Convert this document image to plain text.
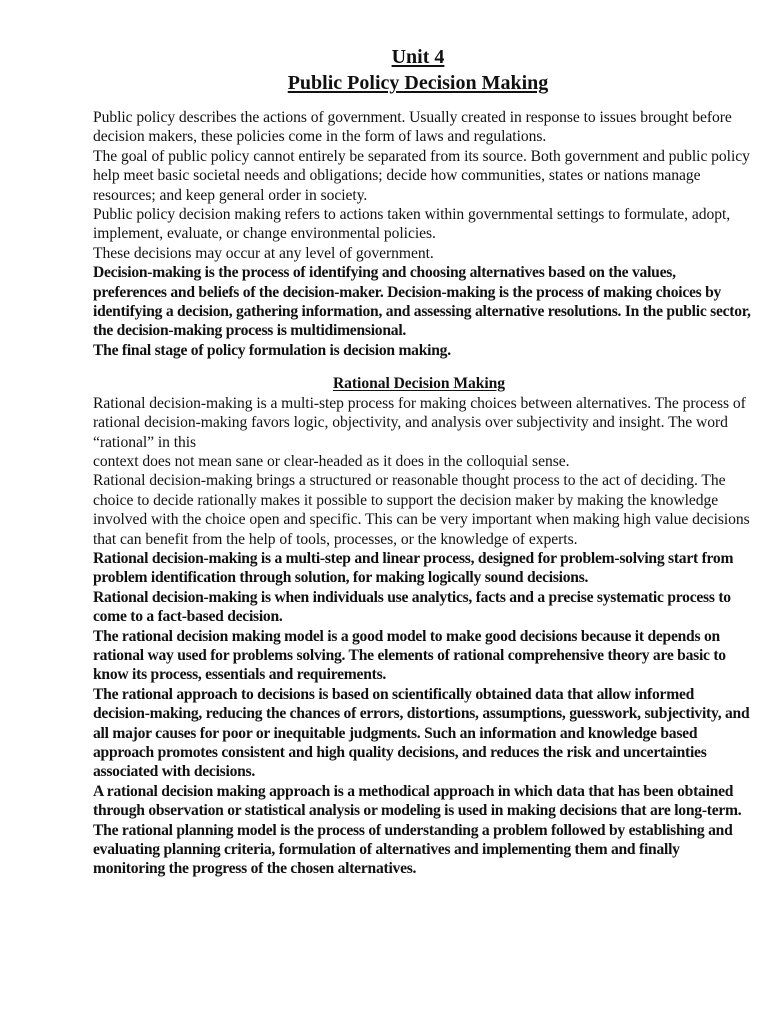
Unit 4
Public Policy Decision Making

Public policy describes the actions of government. Usually created in response to issues brought before decision makers, these policies come in the form of laws and regulations.

The goal of public policy cannot entirely be separated from its source. Both government and public policy help meet basic societal needs and obligations; decide how communities, states or nations manage resources; and keep general order in society.

Public policy decision making refers to actions taken within governmental settings to formulate, adopt, implement, evaluate, or change environmental policies.

These decisions may occur at any level of government.

Decision-making is the process of identifying and choosing alternatives based on the values, preferences and beliefs of the decision-maker. Decision-making is the process of making choices by identifying a decision, gathering information, and assessing alternative resolutions. In the public sector, the decision-making process is multidimensional.

The final stage of policy formulation is decision making.

Rational Decision Making

Rational decision-making is a multi-step process for making choices between alternatives. The process of rational decision-making favors logic, objectivity, and analysis over subjectivity and insight. The word “rational” in this

context does not mean sane or clear-headed as it does in the colloquial sense.

Rational decision-making brings a structured or reasonable thought process to the act of deciding. The choice to decide rationally makes it possible to support the decision maker by making the knowledge involved with the choice open and specific. This can be very important when making high value decisions that can benefit from the help of tools, processes, or the knowledge of experts.

Rational decision-making is a multi-step and linear process, designed for problem-solving start from problem identification through solution, for making logically sound decisions.

Rational decision-making is when individuals use analytics, facts and a precise systematic process to come to a fact-based decision.

The rational decision making model is a good model to make good decisions because it depends on rational way used for problems solving. The elements of rational comprehensive theory are basic to know its process, essentials and requirements.

The rational approach to decisions is based on scientifically obtained data that allow informed decision-making, reducing the chances of errors, distortions, assumptions, guesswork, subjectivity, and all major causes for poor or inequitable judgments. Such an information and knowledge based approach promotes consistent and high quality decisions, and reduces the risk and uncertainties associated with decisions.

A rational decision making approach is a methodical approach in which data that has been obtained through observation or statistical analysis or modeling is used in making decisions that are long-term.

The rational planning model is the process of understanding a problem followed by establishing and evaluating planning criteria, formulation of alternatives and implementing them and finally monitoring the progress of the chosen alternatives.
